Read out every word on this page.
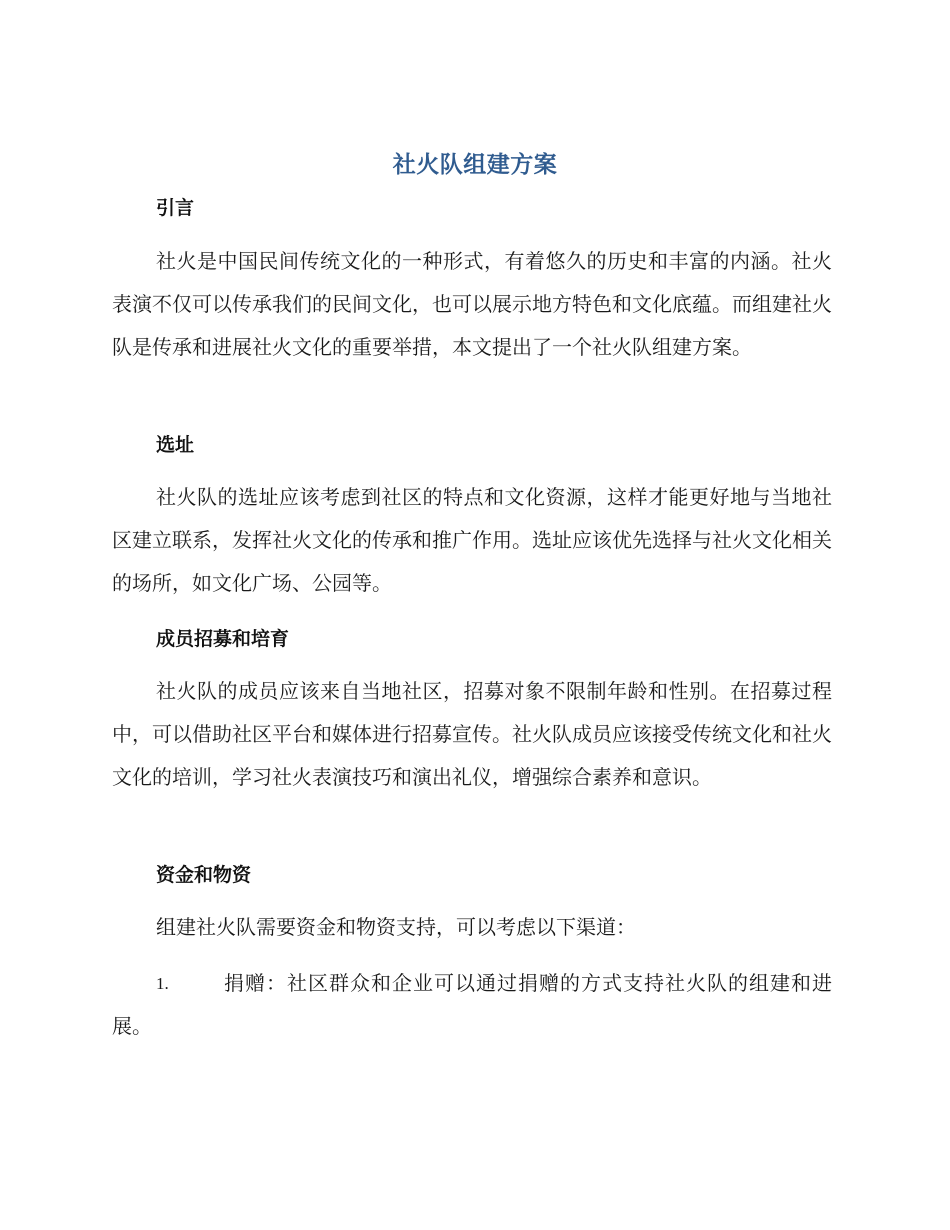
社火队组建方案
引言

社火是中国民间传统文化的一种形式，有着悠久的历史和丰富的内涵。社火表演不仅可以传承我们的民间文化，也可以展示地方特色和文化底蕴。而组建社火队是传承和进展社火文化的重要举措，本文提出了一个社火队组建方案。

选址

社火队的选址应该考虑到社区的特点和文化资源，这样才能更好地与当地社区建立联系，发挥社火文化的传承和推广作用。选址应该优先选择与社火文化相关的场所，如文化广场、公园等。

成员招募和培育

社火队的成员应该来自当地社区，招募对象不限制年龄和性别。在招募过程中，可以借助社区平台和媒体进行招募宣传。社火队成员应该接受传统文化和社火文化的培训，学习社火表演技巧和演出礼仪，增强综合素养和意识。

资金和物资

组建社火队需要资金和物资支持，可以考虑以下渠道：

1.	捐赠：社区群众和企业可以通过捐赠的方式支持社火队的组建和进展。
